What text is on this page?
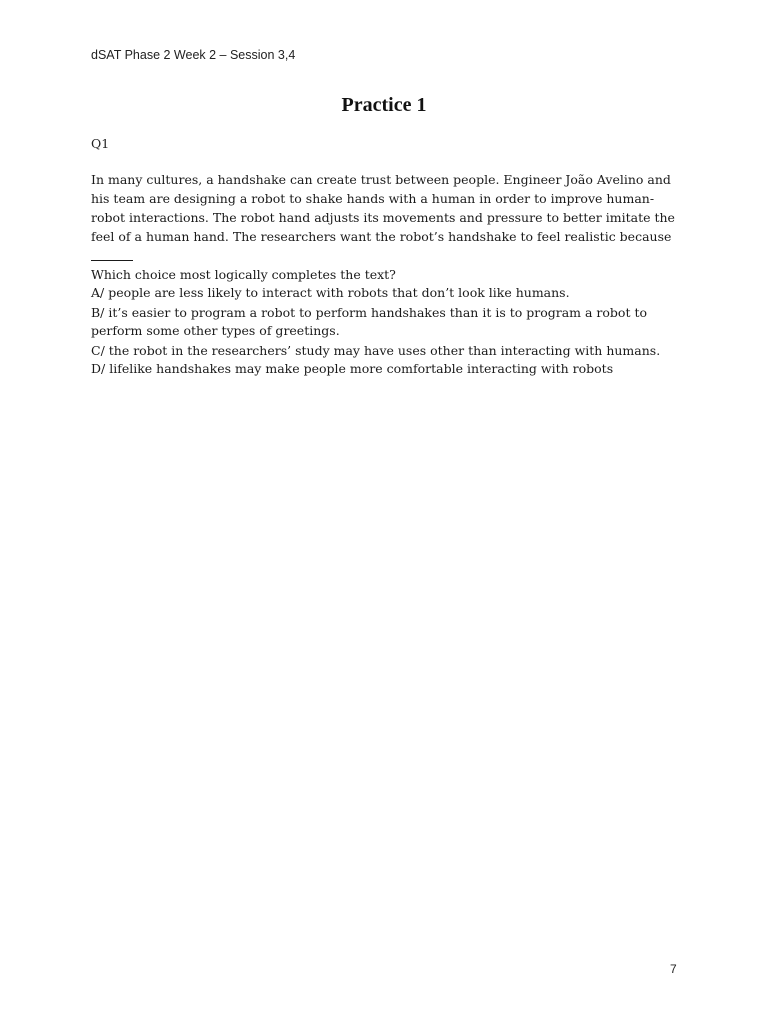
dSAT Phase 2 Week 2 – Session 3,4
Practice 1
Q1
In many cultures, a handshake can create trust between people. Engineer João Avelino and
his team are designing a robot to shake hands with a human in order to improve human-
robot interactions. The robot hand adjusts its movements and pressure to better imitate the
feel of a human hand. The researchers want the robot’s handshake to feel realistic because
Which choice most logically completes the text?
A/ people are less likely to interact with robots that don’t look like humans.
B/ it’s easier to program a robot to perform handshakes than it is to program a robot to
perform some other types of greetings.
C/ the robot in the researchers’ study may have uses other than interacting with humans.
D/ lifelike handshakes may make people more comfortable interacting with robots
7
